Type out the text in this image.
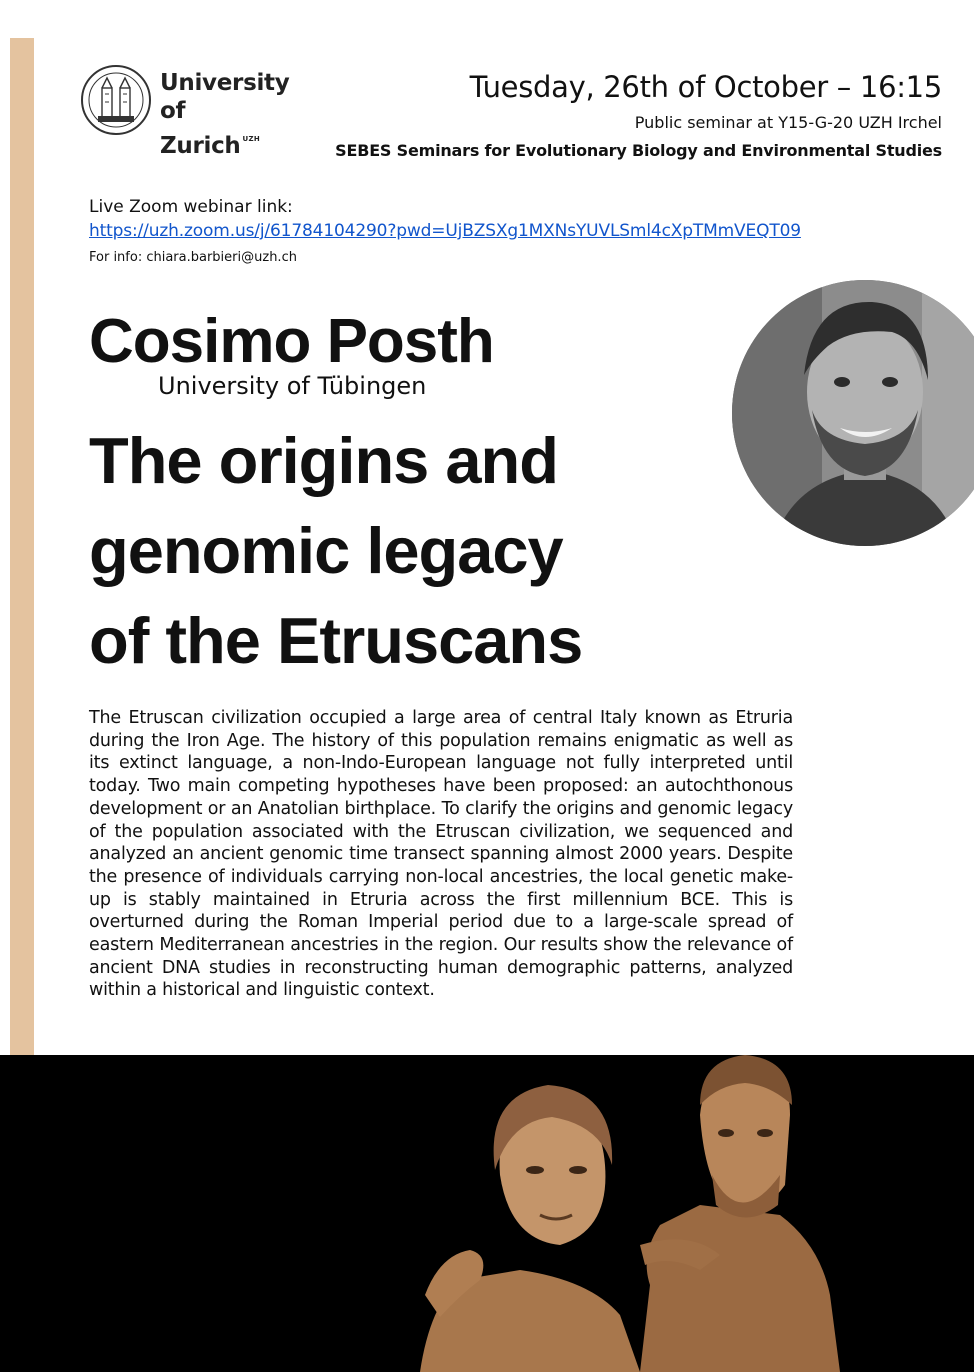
University of
Zurich $^{UZH}$
Tuesday, 26th of October – 16:15
Public seminar at Y15-G-20 UZH Irchel
SEBES Seminars for Evolutionary Biology and Environmental Studies
Live Zoom webinar link:
https://uzh.zoom.us/j/61784104290?pwd=UjBZSXg1MXNsYUVLSml4cXpTMmVEQT09
For info: chiara.barbieri@uzh.ch
Cosimo Posth
University of Tübingen
The origins and
genomic legacy
of the Etruscans
The Etruscan civilization occupied a large area of central Italy known as Etruria during the Iron Age. The history of this population remains enigmatic as well as its extinct language, a non-Indo-European language not fully interpreted until today. Two main competing hypotheses have been proposed: an autochthonous development or an Anatolian birthplace. To clarify the origins and genomic legacy of the population associated with the Etruscan civilization, we sequenced and analyzed an ancient genomic time transect spanning almost 2000 years. Despite the presence of individuals carrying non-local ancestries, the local genetic make-up is stably maintained in Etruria across the first millennium BCE. This is overturned during the Roman Imperial period due to a large-scale spread of eastern Mediterranean ancestries in the region. Our results show the relevance of ancient DNA studies in reconstructing human demographic patterns, analyzed within a historical and linguistic context.
